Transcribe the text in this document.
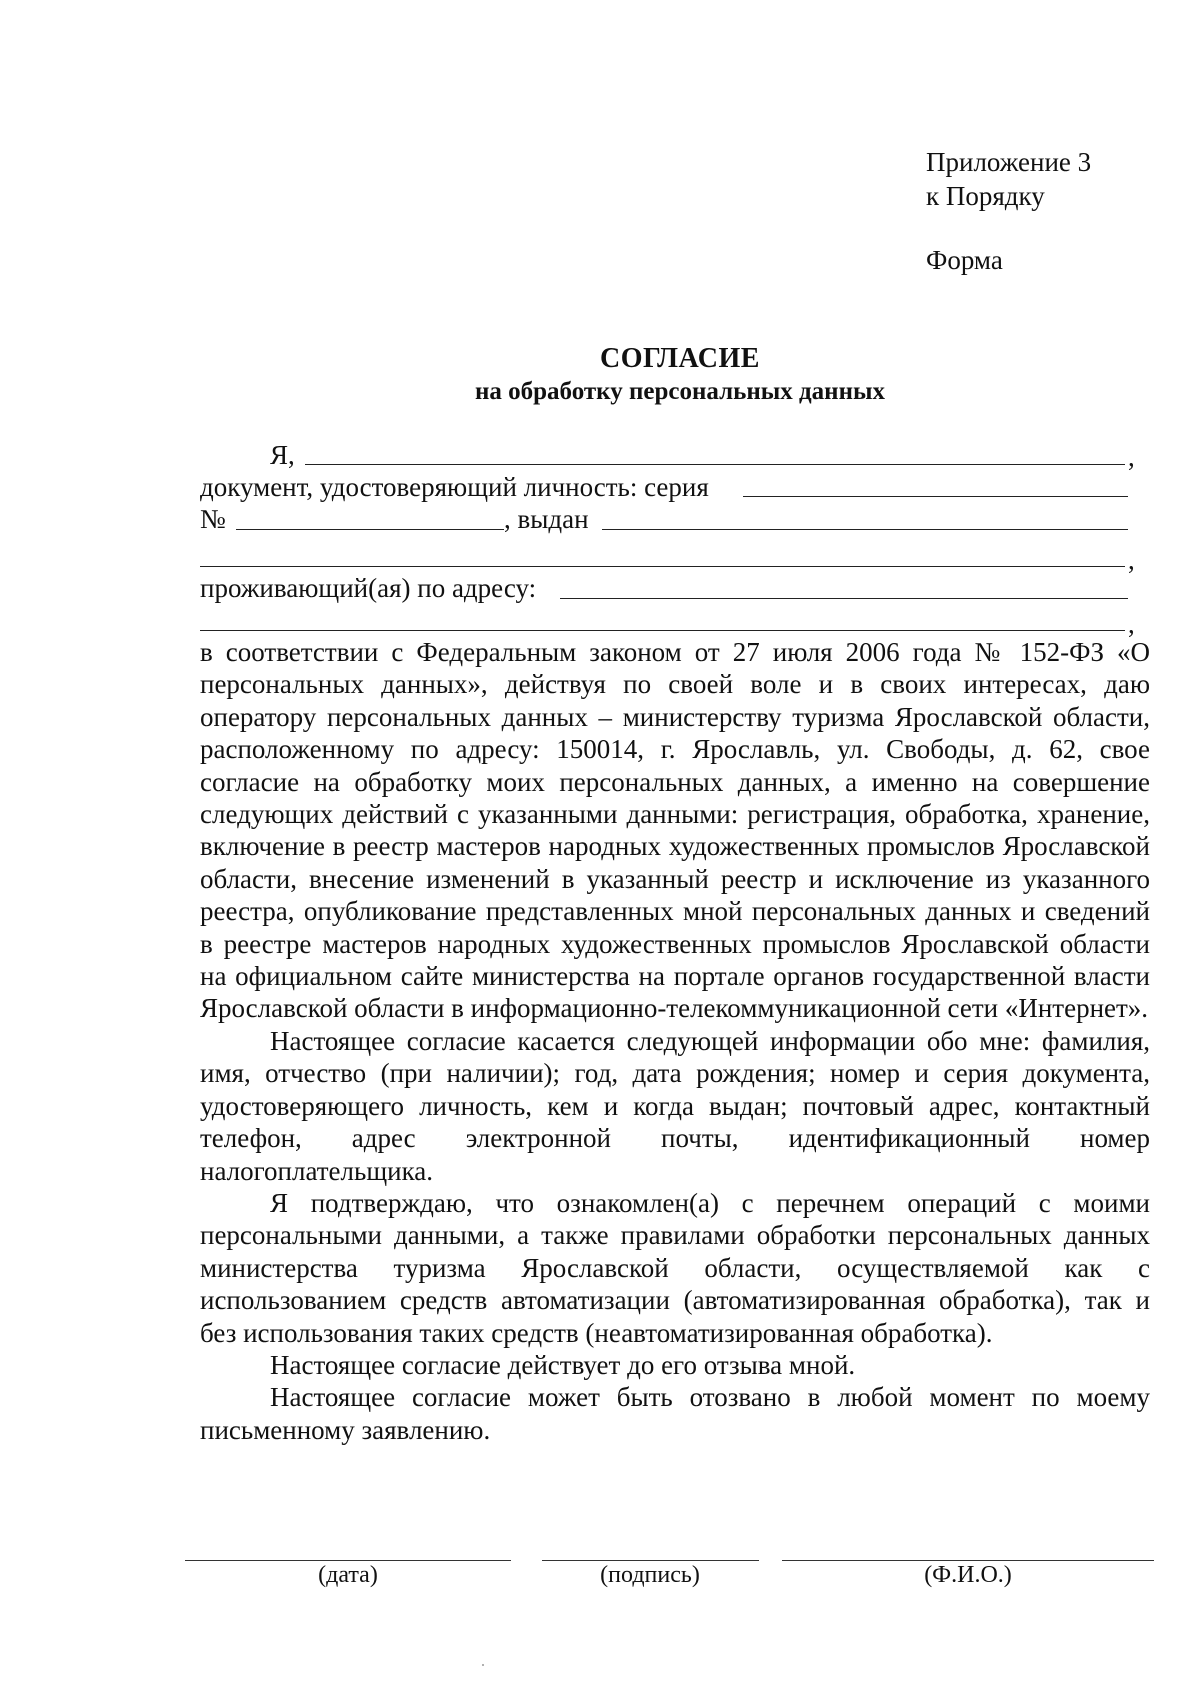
Приложение 3
к Порядку
Форма
СОГЛАСИЕ
на обработку персональных данных
Я,	,
документ, удостоверяющий личность: серия
№	, выдан
,
проживающий(ая) по адресу:
,

в соответствии с Федеральным законом от 27 июля 2006 года № 152-ФЗ «О персональных данных», действуя по своей воле и в своих интересах, даю оператору персональных данных – министерству туризма Ярославской области, расположенному по адресу: 150014, г. Ярославль, ул. Свободы, д. 62, свое согласие на обработку моих персональных данных, а именно на совершение следующих действий с указанными данными: регистрация, обработка, хранение, включение в реестр мастеров народных художественных промыслов Ярославской области, внесение изменений в указанный реестр и исключение из указанного реестра, опубликование представленных мной персональных данных и сведений в реестре мастеров народных художественных промыслов Ярославской области на официальном сайте министерства на портале органов государственной власти Ярославской области в информационно-телекоммуникационной сети «Интернет».

Настоящее согласие касается следующей информации обо мне: фамилия, имя, отчество (при наличии); год, дата рождения; номер и серия документа, удостоверяющего личность, кем и когда выдан; почтовый адрес, контактный телефон, адрес электронной почты, идентификационный номер налогоплательщика.

Я подтверждаю, что ознакомлен(а) с перечнем операций с моими персональными данными, а также правилами обработки персональных данных министерства туризма Ярославской области, осуществляемой как с использованием средств автоматизации (автоматизированная обработка), так и без использования таких средств (неавтоматизированная обработка).

Настоящее согласие действует до его отзыва мной.

Настоящее согласие может быть отозвано в любой момент по моему письменному заявлению.

(дата)	(подпись)	(Ф.И.О.)
